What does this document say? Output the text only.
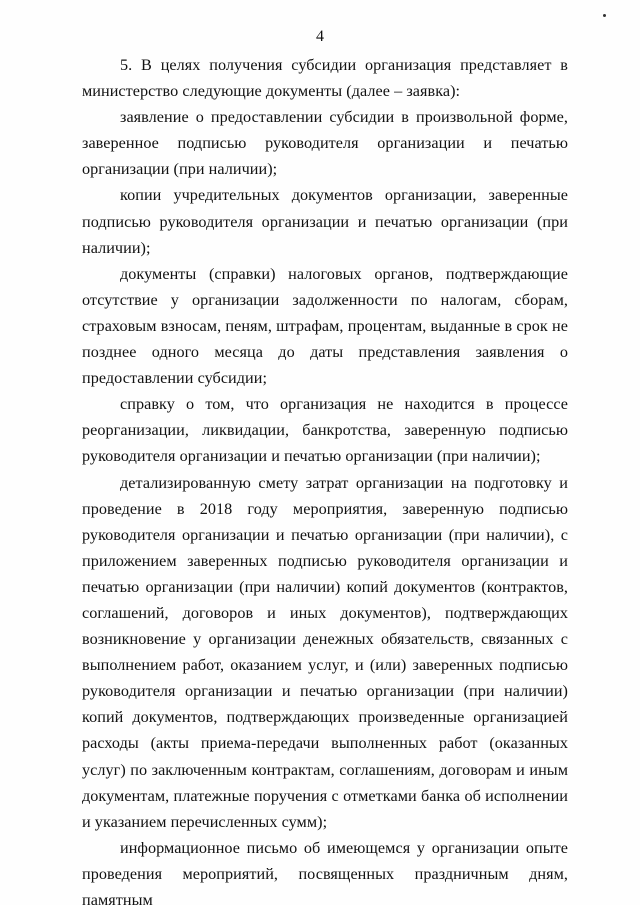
4

5. В целях получения субсидии организация представляет в министерство следующие документы (далее – заявка):

заявление о предоставлении субсидии в произвольной форме, заверенное подписью руководителя организации и печатью организации (при наличии);

копии учредительных документов организации, заверенные подписью руководителя организации и печатью организации (при наличии);

документы (справки) налоговых органов, подтверждающие отсутствие у организации задолженности по налогам, сборам, страховым взносам, пеням, штрафам, процентам, выданные в срок не позднее одного месяца до даты представления заявления о предоставлении субсидии;

справку о том, что организация не находится в процессе реорганизации, ликвидации, банкротства, заверенную подписью руководителя организации и печатью организации (при наличии);

детализированную смету затрат организации на подготовку и проведение в 2018 году мероприятия, заверенную подписью руководителя организации и печатью организации (при наличии), с приложением заверенных подписью руководителя организации и печатью организации (при наличии) копий документов (контрактов, соглашений, договоров и иных документов), подтверждающих возникновение у организации денежных обязательств, связанных с выполнением работ, оказанием услуг, и (или) заверенных подписью руководителя организации и печатью организации (при наличии) копий документов, подтверждающих произведенные организацией расходы (акты приема-передачи выполненных работ (оказанных услуг) по заключенным контрактам, соглашениям, договорам и иным документам, платежные поручения с отметками банка об исполнении и указанием перечисленных сумм);

информационное письмо об имеющемся у организации опыте проведения мероприятий, посвященных праздничным дням, памятным
